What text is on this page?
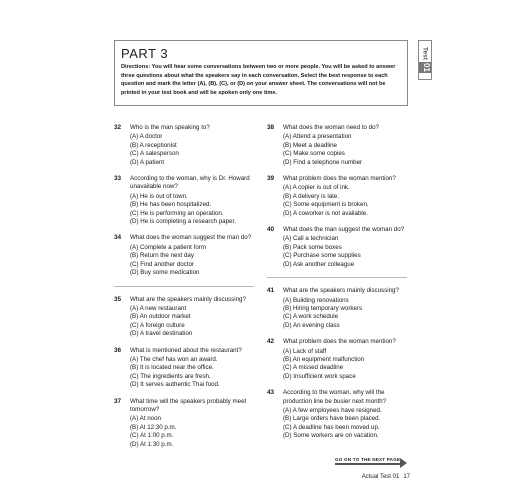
PART 3
Directions: You will hear some conversations between two or more people. You will be asked to answer three questions about what the speakers say in each conversation. Select the best response to each question and mark the letter (A), (B), (C), or (D) on your answer sheet. The conversations will not be printed in your test book and will be spoken only one time.
Test
01
32 Who is the man speaking to?
(A) A doctor
(B) A receptionist
(C) A salesperson
(D) A patient
33 According to the woman, why is Dr. Howard unavailable now?
(A) He is out of town.
(B) He has been hospitalized.
(C) He is performing an operation.
(D) He is completing a research paper.
34 What does the woman suggest the man do?
(A) Complete a patient form
(B) Return the next day
(C) Find another doctor
(D) Buy some medication
35 What are the speakers mainly discussing?
(A) A new restaurant
(B) An outdoor market
(C) A foreign culture
(D) A travel destination
36 What is mentioned about the restaurant?
(A) The chef has won an award.
(B) It is located near the office.
(C) The ingredients are fresh.
(D) It serves authentic Thai food.
37 What time will the speakers probably meet tomorrow?
(A) At noon
(B) At 12:30 p.m.
(C) At 1:00 p.m.
(D) At 1:30 p.m.
38 What does the woman need to do?
(A) Attend a presentation
(B) Meet a deadline
(C) Make some copies
(D) Find a telephone number
39 What problem does the woman mention?
(A) A copier is out of ink.
(B) A delivery is late.
(C) Some equipment is broken.
(D) A coworker is not available.
40 What does the man suggest the woman do?
(A) Call a technician
(B) Pack some boxes
(C) Purchase some supplies
(D) Ask another colleague
41 What are the speakers mainly discussing?
(A) Building renovations
(B) Hiring temporary workers
(C) A work schedule
(D) An evening class
42 What problem does the woman mention?
(A) Lack of staff
(B) An equipment malfunction
(C) A missed deadline
(D) Insufficient work space
43 According to the woman, why will the production line be busier next month?
(A) A few employees have resigned.
(B) Large orders have been placed.
(C) A deadline has been moved up.
(D) Some workers are on vacation.
GO ON TO THE NEXT PAGE
Actual Test 01 17
